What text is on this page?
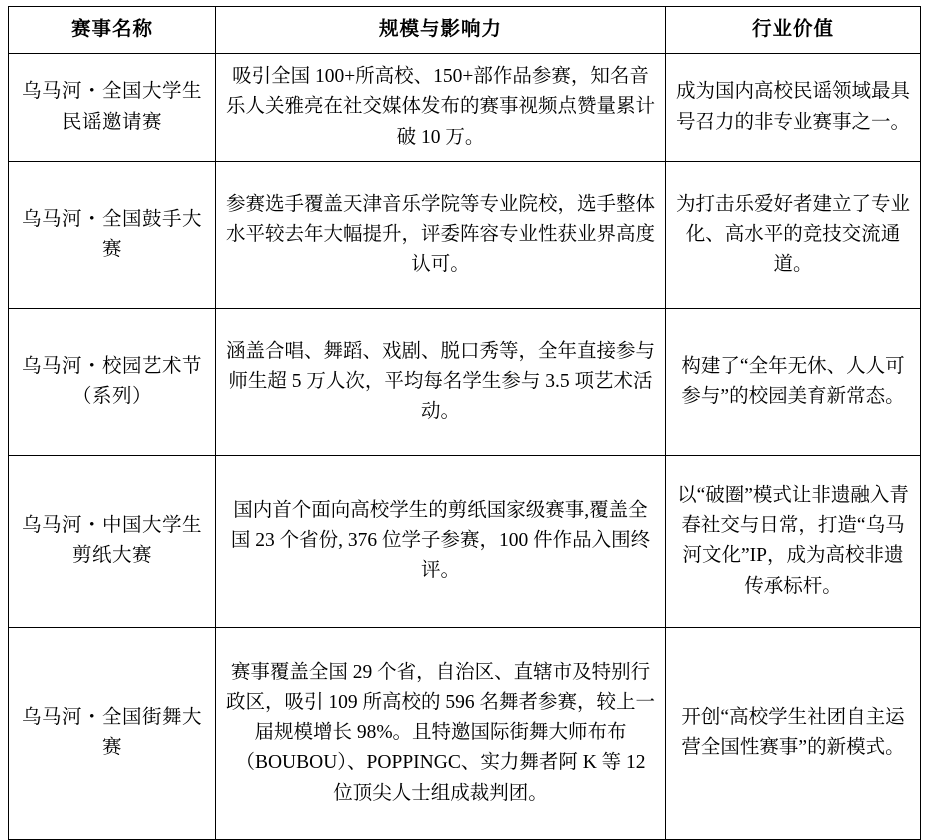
赛事名称	规模与影响力	行业价值
乌马河・全国大学生民谣邀请赛	吸引全国 100+所高校、150+部作品参赛，知名音乐人关雅亮在社交媒体发布的赛事视频点赞量累计破 10 万。	成为国内高校民谣领域最具号召力的非专业赛事之一。
乌马河・全国鼓手大赛	参赛选手覆盖天津音乐学院等专业院校，选手整体水平较去年大幅提升，评委阵容专业性获业界高度认可。	为打击乐爱好者建立了专业化、高水平的竞技交流通道。
乌马河・校园艺术节（系列）	涵盖合唱、舞蹈、戏剧、脱口秀等，全年直接参与师生超 5 万人次，平均每名学生参与 3.5 项艺术活动。	构建了“全年无休、人人可参与”的校园美育新常态。
乌马河・中国大学生剪纸大赛	国内首个面向高校学生的剪纸国家级赛事,覆盖全国 23 个省份, 376 位学子参赛，100 件作品入围终评。	以“破圈”模式让非遗融入青春社交与日常，打造“乌马河文化”IP，成为高校非遗传承标杆。
乌马河・全国街舞大赛	赛事覆盖全国 29 个省，自治区、直辖市及特别行政区，吸引 109 所高校的 596 名舞者参赛，较上一届规模增长 98%。且特邀国际街舞大师布布（BOUBOU）、POPPINGC、实力舞者阿 K 等 12 位顶尖人士组成裁判团。	开创“高校学生社团自主运营全国性赛事”的新模式。
